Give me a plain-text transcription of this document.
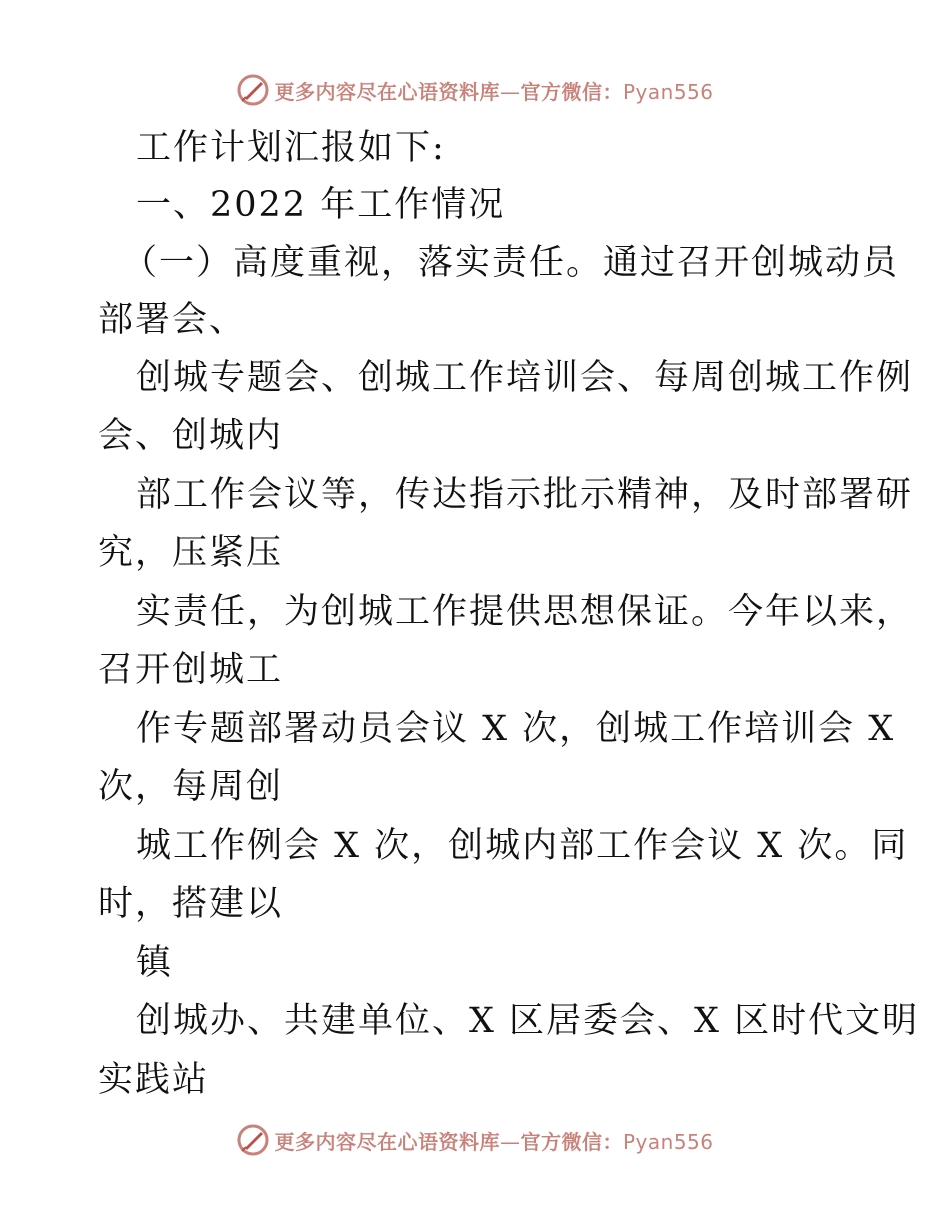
更多内容尽在心语资料库—官方微信：Pyan556
工作计划汇报如下:
一、2022 年工作情况
（一）高度重视，落实责任。通过召开创城动员
部署会、
创城专题会、创城工作培训会、每周创城工作例
会、创城内
部工作会议等，传达指示批示精神，及时部署研
究，压紧压
实责任，为创城工作提供思想保证。今年以来，
召开创城工
作专题部署动员会议 X 次，创城工作培训会 X
次，每周创
城工作例会 X 次，创城内部工作会议 X 次。同
时，搭建以
镇
创城办、共建单位、X 区居委会、X 区时代文明
实践站
更多内容尽在心语资料库—官方微信：Pyan556
